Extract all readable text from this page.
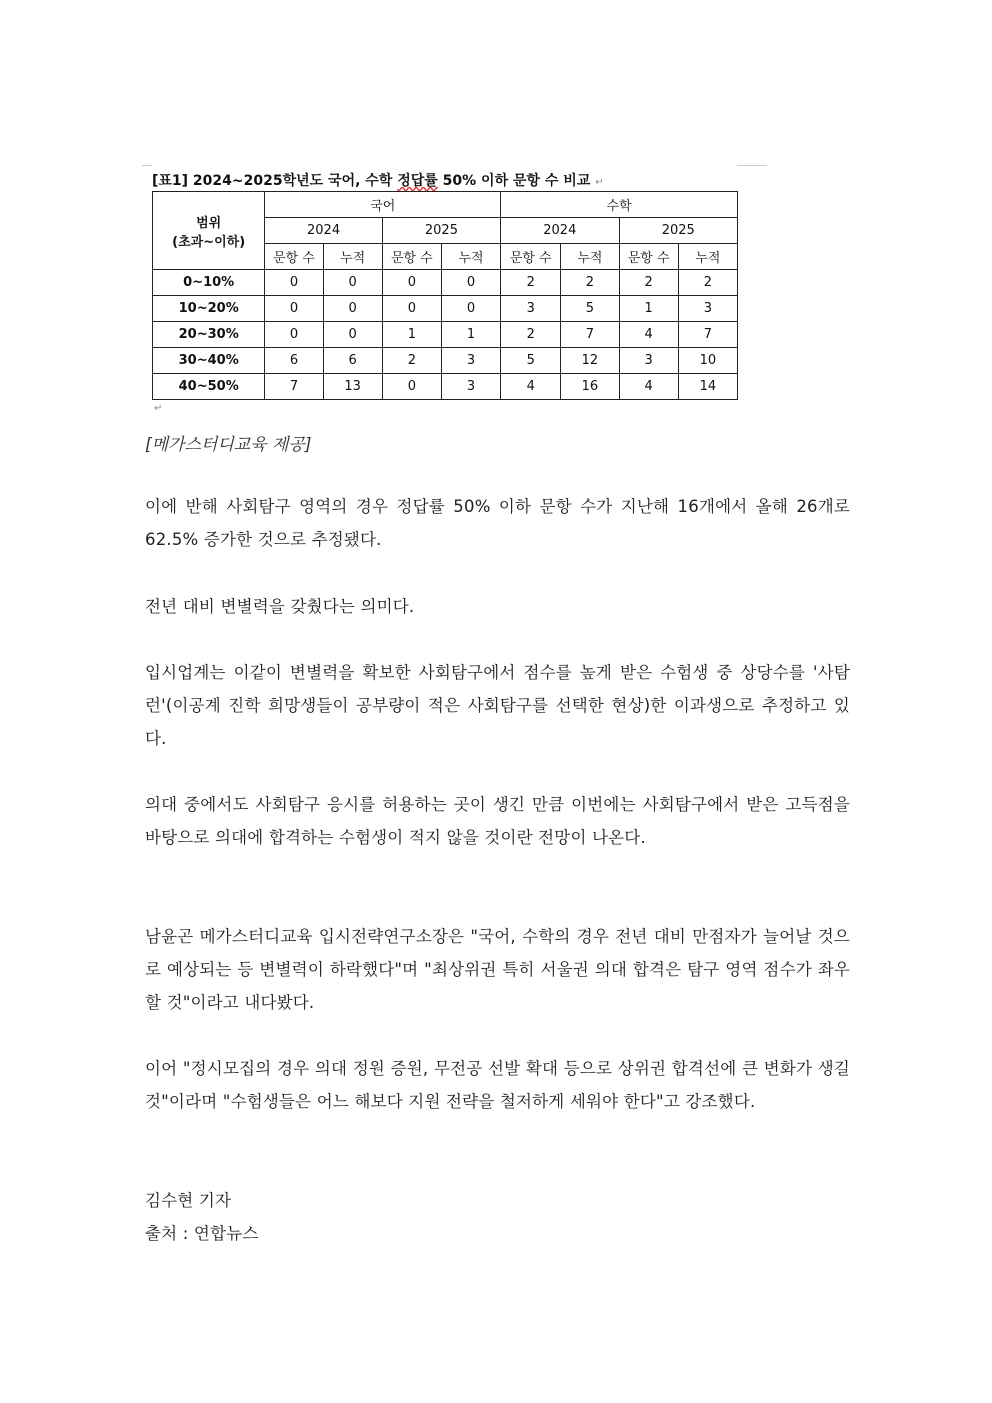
[표1] 2024~2025학년도 국어, 수학 정답률 50% 이하 문항 수 비교 ↵
범위
(초과~이하)	국어				수학			
	2024		2025		2024		2025	
	문항 수	누적	문항 수	누적	문항 수	누적	문항 수	누적
0~10%	0	0	0	0	2	2	2	2
10~20%	0	0	0	0	3	5	1	3
20~30%	0	0	1	1	2	7	4	7
30~40%	6	6	2	3	5	12	3	10
40~50%	7	13	0	3	4	16	4	14
↵
[메가스터디교육 제공]
이에 반해 사회탐구 영역의 경우 정답률 50% 이하 문항 수가 지난해 16개에서 올해 26개로 62.5% 증가한 것으로 추정됐다.
전년 대비 변별력을 갖췄다는 의미다.
입시업계는 이같이 변별력을 확보한 사회탐구에서 점수를 높게 받은 수험생 중 상당수를 '사탐 런'(이공계 진학 희망생들이 공부량이 적은 사회탐구를 선택한 현상)한 이과생으로 추정하고 있다.
의대 중에서도 사회탐구 응시를 허용하는 곳이 생긴 만큼 이번에는 사회탐구에서 받은 고득점을 바탕으로 의대에 합격하는 수험생이 적지 않을 것이란 전망이 나온다.
남윤곤 메가스터디교육 입시전략연구소장은 "국어, 수학의 경우 전년 대비 만점자가 늘어날 것으로 예상되는 등 변별력이 하락했다"며 "최상위권 특히 서울권 의대 합격은 탐구 영역 점수가 좌우할 것"이라고 내다봤다.
이어 "정시모집의 경우 의대 정원 증원, 무전공 선발 확대 등으로 상위권 합격선에 큰 변화가 생길 것"이라며 "수험생들은 어느 해보다 지원 전략을 철저하게 세워야 한다"고 강조했다.
김수현 기자
출처 : 연합뉴스
